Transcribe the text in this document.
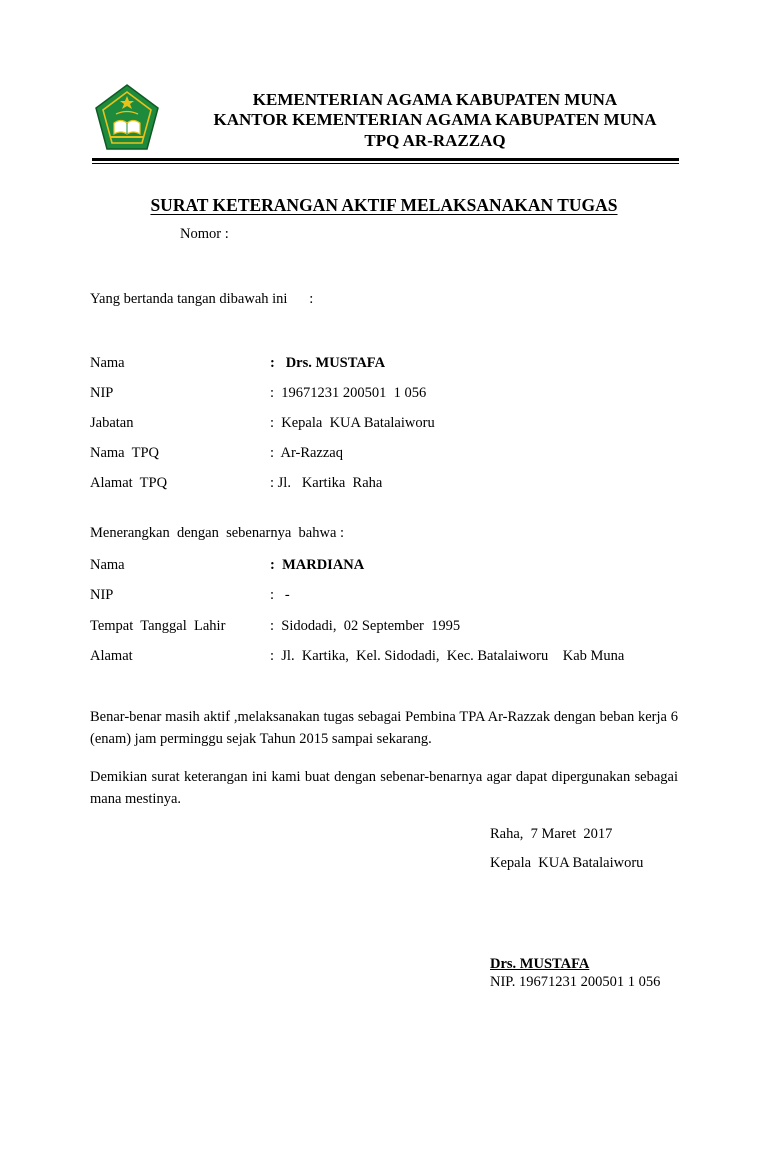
KEMENTERIAN AGAMA KABUPATEN MUNA
KANTOR KEMENTERIAN AGAMA KABUPATEN MUNA
TPQ AR-RAZZAQ
SURAT KETERANGAN AKTIF MELAKSANAKAN TUGAS
Nomor :
Yang bertanda tangan dibawah ini      :
Nama	:   Drs. MUSTAFA
NIP	:  19671231 200501  1 056
Jabatan	:  Kepala  KUA Batalaiworu
Nama  TPQ	:  Ar-Razzaq
Alamat  TPQ	: Jl.   Kartika  Raha
Menerangkan  dengan  sebenarnya  bahwa :
Nama	:  MARDIANA
NIP	:   -
Tempat  Tanggal  Lahir	:  Sidodadi,  02 September  1995
Alamat	:  Jl.  Kartika,  Kel. Sidodadi,  Kec. Batalaiworu    Kab Muna
Benar-benar masih aktif ,melaksanakan tugas sebagai Pembina TPA Ar-Razzak dengan beban kerja 6 (enam) jam perminggu sejak Tahun 2015 sampai sekarang.
Demikian surat keterangan ini kami buat dengan sebenar-benarnya agar dapat dipergunakan sebagai mana mestinya.
Raha,  7 Maret  2017
Kepala  KUA Batalaiworu
Drs. MUSTAFA
NIP. 19671231 200501 1 056
